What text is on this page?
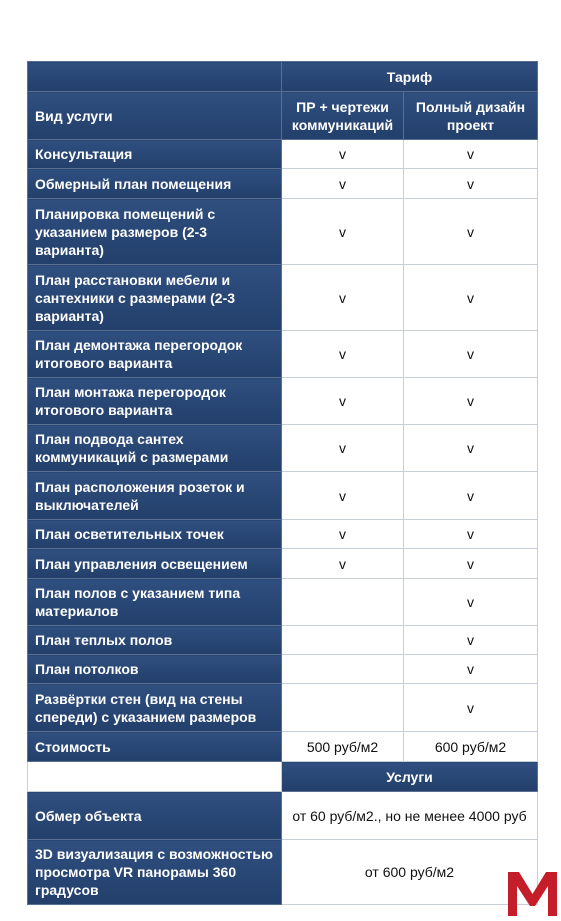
	Тариф	
Вид услуги	ПР + чертежи коммуникаций	Полный дизайн проект
Консультация	v	v
Обмерный план помещения	v	v
Планировка помещений с указанием размеров (2-3 варианта)	v	v
План расстановки мебели и сантехники с размерами (2-3 варианта)	v	v
План демонтажа перегородок итогового варианта	v	v
План монтажа перегородок итогового варианта	v	v
План подвода сантех коммуникаций с размерами	v	v
План расположения розеток и выключателей	v	v
План осветительных точек	v	v
План управления освещением	v	v
План полов с указанием типа материалов		v
План теплых полов		v
План потолков		v
Развёртки стен (вид на стены спереди) с указанием размеров		v
Стоимость	500 руб/м2	600 руб/м2
	Услуги	
Обмер объекта	от 60 руб/м2., но не менее 4000 руб	
3D визуализация с возможностью просмотра VR панорамы 360 градусов	от 600 руб/м2	
